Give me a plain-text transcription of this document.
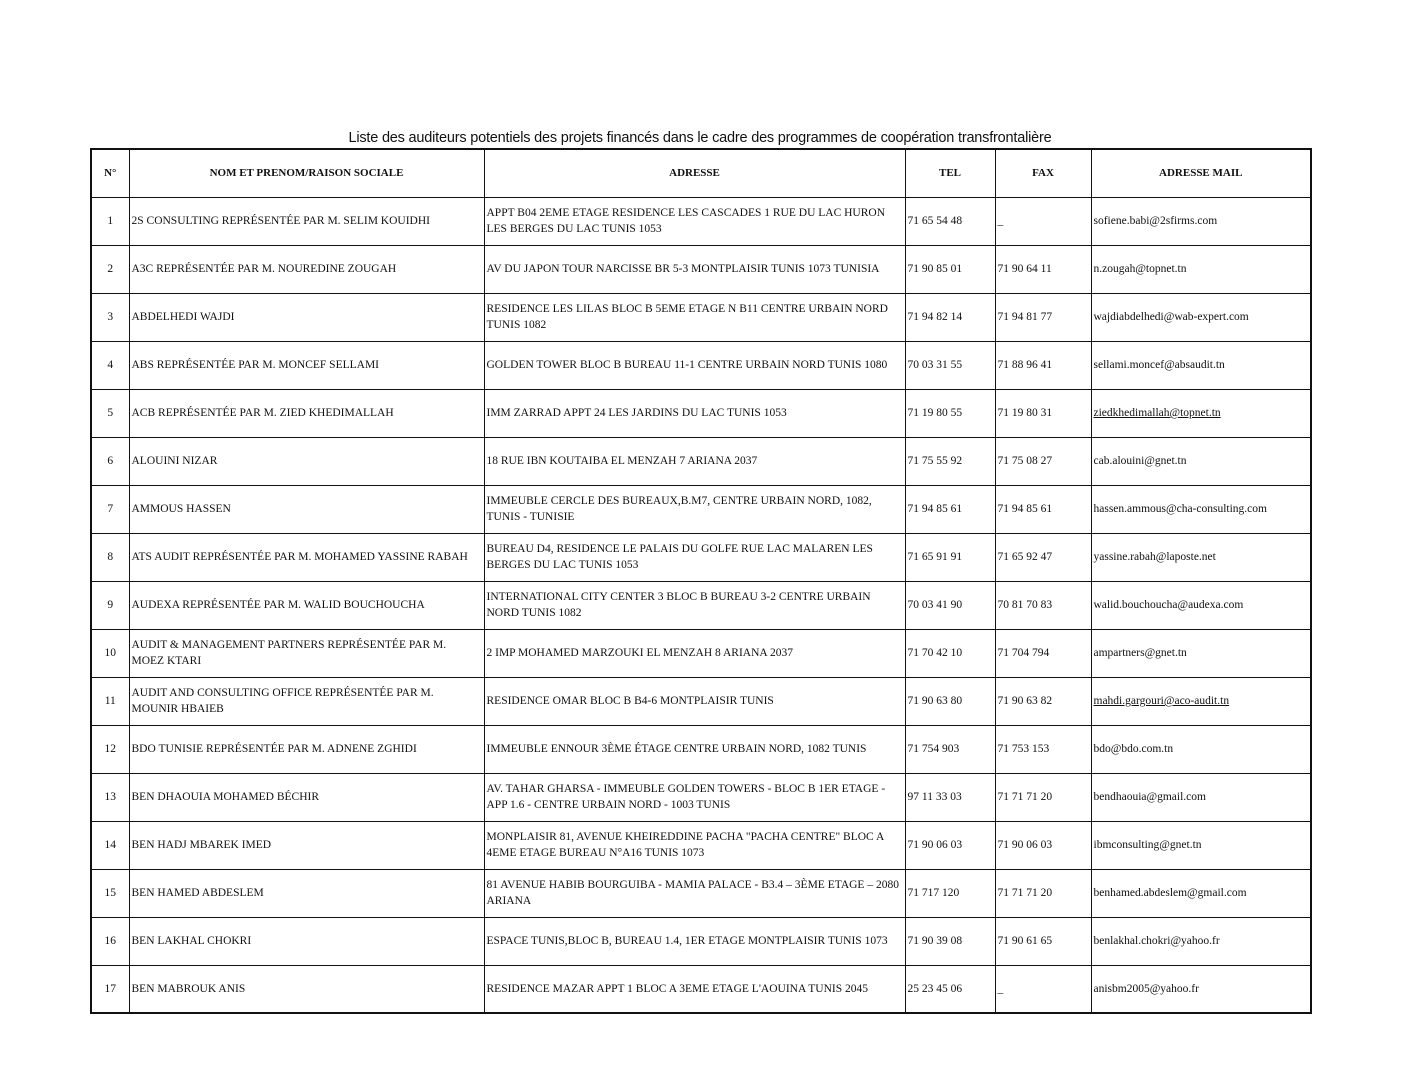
Liste des auditeurs potentiels des projets financés dans le cadre des programmes de coopération transfrontalière
N°	NOM ET PRENOM/RAISON SOCIALE	ADRESSE	TEL	FAX	ADRESSE MAIL
1	2S CONSULTING REPRÉSENTÉE PAR M. SELIM KOUIDHI	APPT B04 2EME ETAGE RESIDENCE LES CASCADES 1 RUE DU LAC HURON LES BERGES DU LAC TUNIS 1053	71 65 54 48	_	sofiene.babi@2sfirms.com
2	A3C REPRÉSENTÉE PAR M. NOUREDINE ZOUGAH	AV DU JAPON TOUR NARCISSE BR 5-3 MONTPLAISIR TUNIS 1073 TUNISIA	71 90 85 01	71 90 64 11	n.zougah@topnet.tn
3	ABDELHEDI WAJDI	RESIDENCE LES LILAS BLOC B 5EME ETAGE N B11 CENTRE URBAIN NORD TUNIS 1082	71 94 82 14	71 94 81 77	wajdiabdelhedi@wab-expert.com
4	ABS REPRÉSENTÉE PAR M. MONCEF SELLAMI	GOLDEN TOWER BLOC B BUREAU 11-1 CENTRE URBAIN NORD TUNIS 1080	70 03 31 55	71 88 96 41	sellami.moncef@absaudit.tn
5	ACB REPRÉSENTÉE PAR M. ZIED KHEDIMALLAH	IMM ZARRAD APPT 24 LES JARDINS DU LAC TUNIS 1053	71 19 80 55	71 19 80 31	ziedkhedimallah@topnet.tn
6	ALOUINI NIZAR	18 RUE IBN KOUTAIBA EL MENZAH 7 ARIANA 2037	71 75 55 92	71 75 08 27	cab.alouini@gnet.tn
7	AMMOUS HASSEN	IMMEUBLE CERCLE DES BUREAUX,B.M7, CENTRE URBAIN NORD, 1082, TUNIS - TUNISIE	71 94 85 61	71 94 85 61	hassen.ammous@cha-consulting.com
8	ATS AUDIT REPRÉSENTÉE PAR M. MOHAMED YASSINE RABAH	BUREAU D4, RESIDENCE LE PALAIS DU GOLFE RUE LAC MALAREN LES BERGES DU LAC TUNIS 1053	71 65 91 91	71 65 92 47	yassine.rabah@laposte.net
9	AUDEXA REPRÉSENTÉE PAR M. WALID BOUCHOUCHA	INTERNATIONAL CITY CENTER 3 BLOC B BUREAU 3-2 CENTRE URBAIN NORD TUNIS 1082	70 03 41 90	70 81 70 83	walid.bouchoucha@audexa.com
10	AUDIT & MANAGEMENT PARTNERS REPRÉSENTÉE PAR M. MOEZ KTARI	2 IMP MOHAMED MARZOUKI EL MENZAH 8 ARIANA 2037	71 70 42 10	71 704 794	ampartners@gnet.tn
11	AUDIT AND CONSULTING OFFICE REPRÉSENTÉE PAR M. MOUNIR HBAIEB	RESIDENCE OMAR BLOC B B4-6 MONTPLAISIR TUNIS	71 90 63 80	71 90 63 82	mahdi.gargouri@aco-audit.tn
12	BDO TUNISIE REPRÉSENTÉE PAR M. ADNENE ZGHIDI	IMMEUBLE ENNOUR 3ÈME ÉTAGE CENTRE URBAIN NORD, 1082 TUNIS	71 754 903	71 753 153	bdo@bdo.com.tn
13	BEN DHAOUIA MOHAMED BÉCHIR	AV. TAHAR GHARSA - IMMEUBLE GOLDEN TOWERS - BLOC B 1ER ETAGE - APP 1.6 - CENTRE URBAIN NORD - 1003 TUNIS	97 11 33 03	71 71 71 20	bendhaouia@gmail.com
14	BEN HADJ MBAREK IMED	MONPLAISIR 81, AVENUE KHEIREDDINE PACHA "PACHA CENTRE" BLOC A 4EME ETAGE BUREAU N°A16 TUNIS 1073	71 90 06 03	71 90 06 03	ibmconsulting@gnet.tn
15	BEN HAMED ABDESLEM	81 AVENUE HABIB BOURGUIBA - MAMIA PALACE - B3.4 – 3ÈME ETAGE – 2080 ARIANA	71 717 120	71 71 71 20	benhamed.abdeslem@gmail.com
16	BEN LAKHAL CHOKRI	ESPACE TUNIS,BLOC B, BUREAU 1.4, 1ER ETAGE MONTPLAISIR TUNIS 1073	71 90 39 08	71 90 61 65	benlakhal.chokri@yahoo.fr
17	BEN MABROUK ANIS	RESIDENCE MAZAR APPT 1 BLOC A 3EME ETAGE L'AOUINA TUNIS 2045	25 23 45 06	_	anisbm2005@yahoo.fr
